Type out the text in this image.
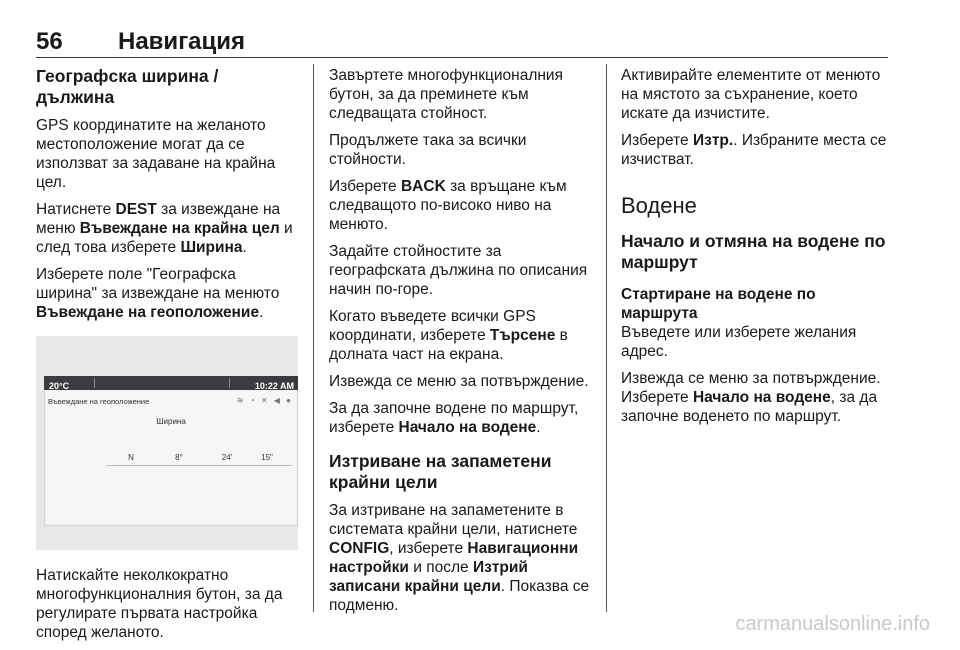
56 Навигация
Географска ширина / дължина

GPS координатите на желаното местоположение могат да се използват за задаване на крайна цел.

Натиснете DEST за извеждане на меню Въвеждане на крайна цел и след това изберете Ширина.

Изберете поле "Географска ширина" за извеждане на менюто Въвеждане на геоположение.

20°C	10:22 AM
Въвеждане на геоположение	≋ ◔ ✕ ◀ ●
Ширина
N	8°	24'	15"

Натискайте неколкократно многофункционалния бутон, за да регулирате първата настройка според желаното.

Завъртете многофункционалния бутон, за да преминете към следващата стойност.

Продължете така за всички стойности.

Изберете BACK за връщане към следващото по-високо ниво на менюто.

Задайте стойностите за географската дължина по описания начин по-горе.

Когато въведете всички GPS координати, изберете Търсене в долната част на екрана.

Извежда се меню за потвърждение.

За да започне водене по маршрут, изберете Начало на водене.

Изтриване на запаметени крайни цели

За изтриване на запаметените в системата крайни цели, натиснете CONFIG, изберете Навигационни настройки и после Изтрий записани крайни цели. Показва се подменю.

Активирайте елементите от менюто на мястото за съхранение, което искате да изчистите.

Изберете Изтр.. Избраните места се изчистват.

Водене
Начало и отмяна на водене по маршрут
Стартиране на водене по маршрута

Въведете или изберете желания адрес.

Извежда се меню за потвърждение. Изберете Начало на водене, за да започне воденето по маршрут.

carmanualsonline.info
